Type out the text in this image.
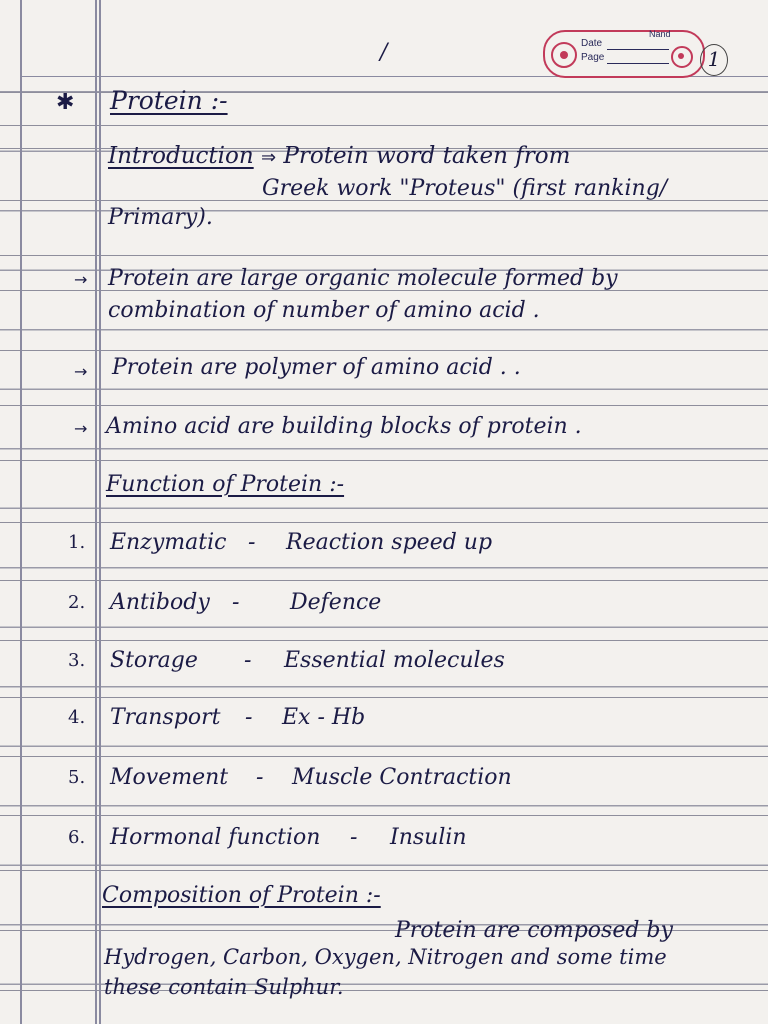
/	Date
Nand
Page	1
✱ Protein :-
Introduction ⇒ Protein word taken from
Greek work "Proteus" (first ranking/
Primary).
→ Protein are large organic molecule formed by
combination of number of amino acid .
→ Protein are polymer of amino acid . .
→ Amino acid are building blocks of protein .
Function of Protein :-
1. Enzymatic - Reaction speed up
2. Antibody - Defence
3. Storage - Essential molecules
4. Transport - Ex - Hb
5. Movement - Muscle Contraction
6. Hormonal function - Insulin
Composition of Protein :-
Protein are composed by
Hydrogen, Carbon, Oxygen, Nitrogen and some time
these contain Sulphur.
